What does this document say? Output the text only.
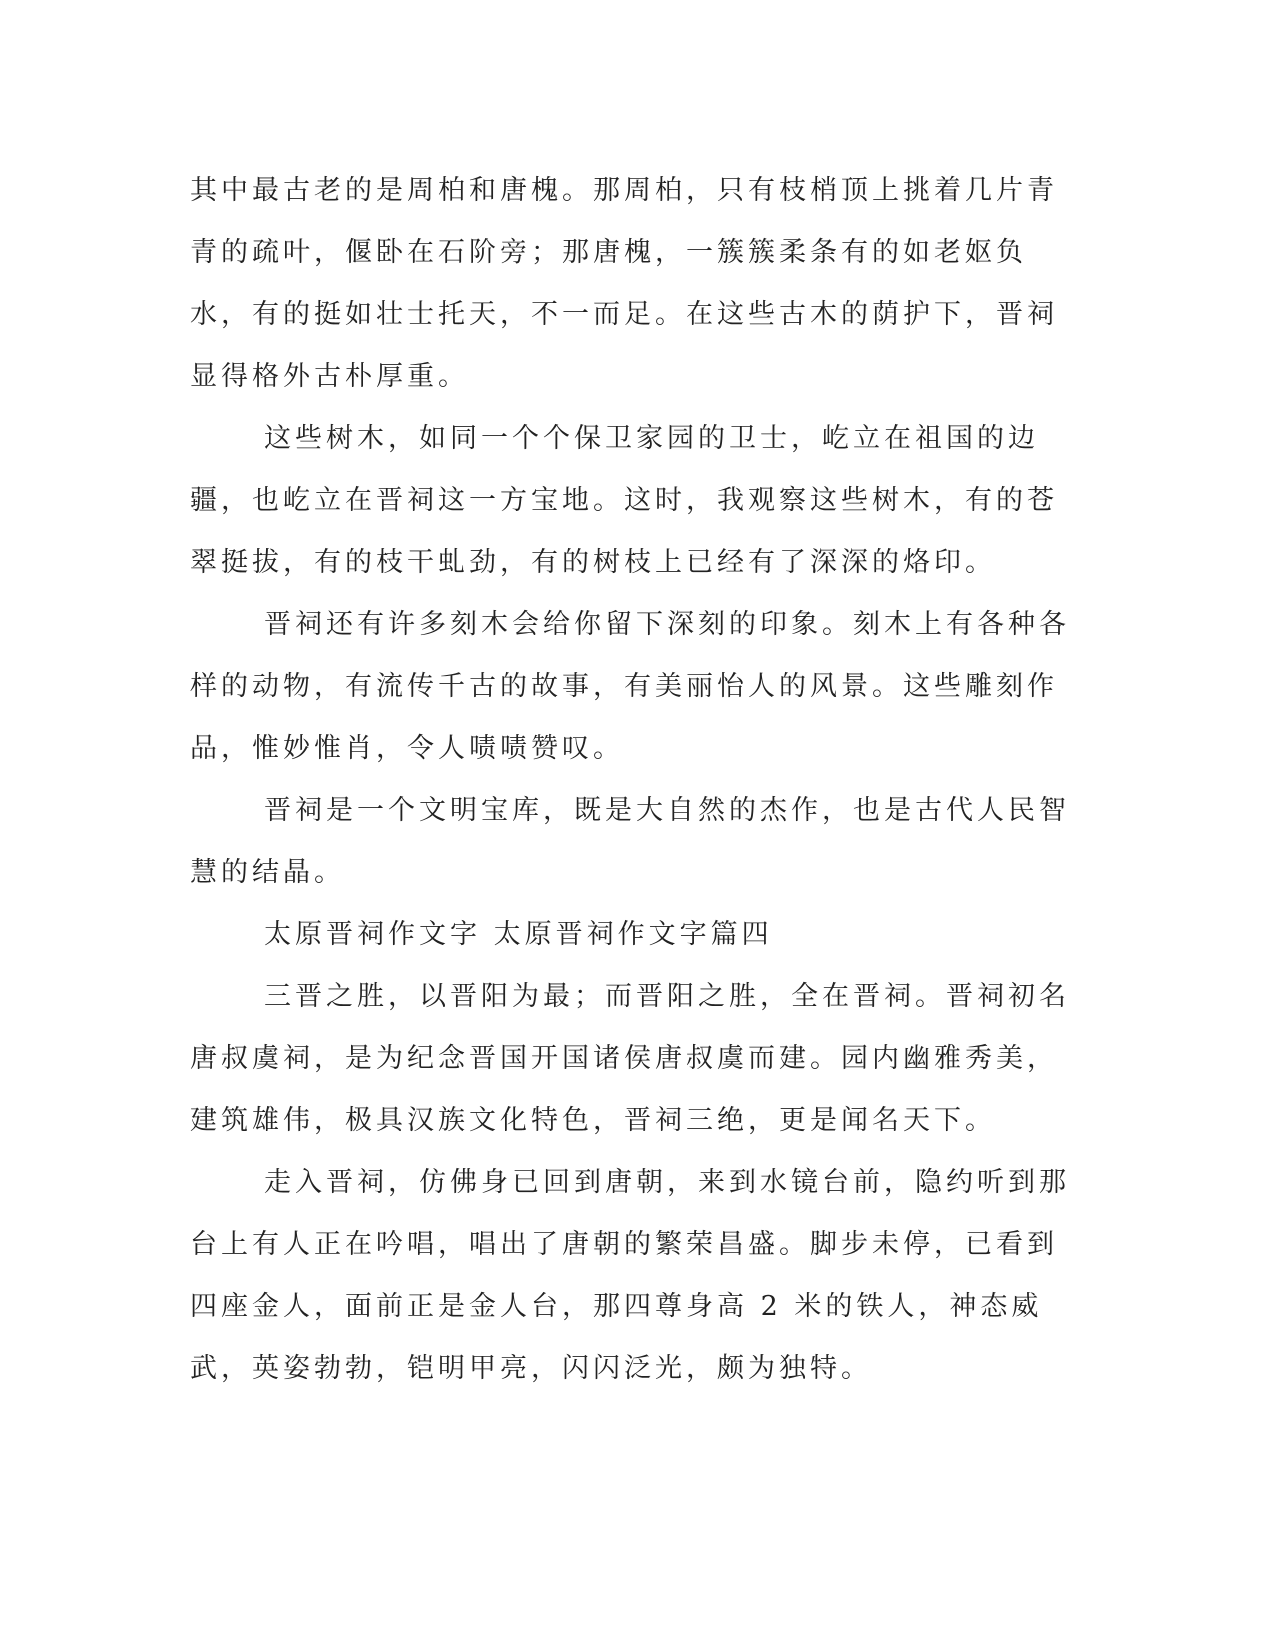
其中最古老的是周柏和唐槐。那周柏，只有枝梢顶上挑着几片青青的疏叶，偃卧在石阶旁；那唐槐，一簇簇柔条有的如老妪负水，有的挺如壮士托天，不一而足。在这些古木的荫护下，晋祠显得格外古朴厚重。

这些树木，如同一个个保卫家园的卫士，屹立在祖国的边疆，也屹立在晋祠这一方宝地。这时，我观察这些树木，有的苍翠挺拔，有的枝干虬劲，有的树枝上已经有了深深的烙印。

晋祠还有许多刻木会给你留下深刻的印象。刻木上有各种各样的动物，有流传千古的故事，有美丽怡人的风景。这些雕刻作品，惟妙惟肖，令人啧啧赞叹。

晋祠是一个文明宝库，既是大自然的杰作，也是古代人民智慧的结晶。

太原晋祠作文字 太原晋祠作文字篇四

三晋之胜，以晋阳为最；而晋阳之胜，全在晋祠。晋祠初名唐叔虞祠，是为纪念晋国开国诸侯唐叔虞而建。园内幽雅秀美，建筑雄伟，极具汉族文化特色，晋祠三绝，更是闻名天下。

走入晋祠，仿佛身已回到唐朝，来到水镜台前，隐约听到那台上有人正在吟唱，唱出了唐朝的繁荣昌盛。脚步未停，已看到四座金人，面前正是金人台，那四尊身高 2 米的铁人，神态威武，英姿勃勃，铠明甲亮，闪闪泛光，颇为独特。
